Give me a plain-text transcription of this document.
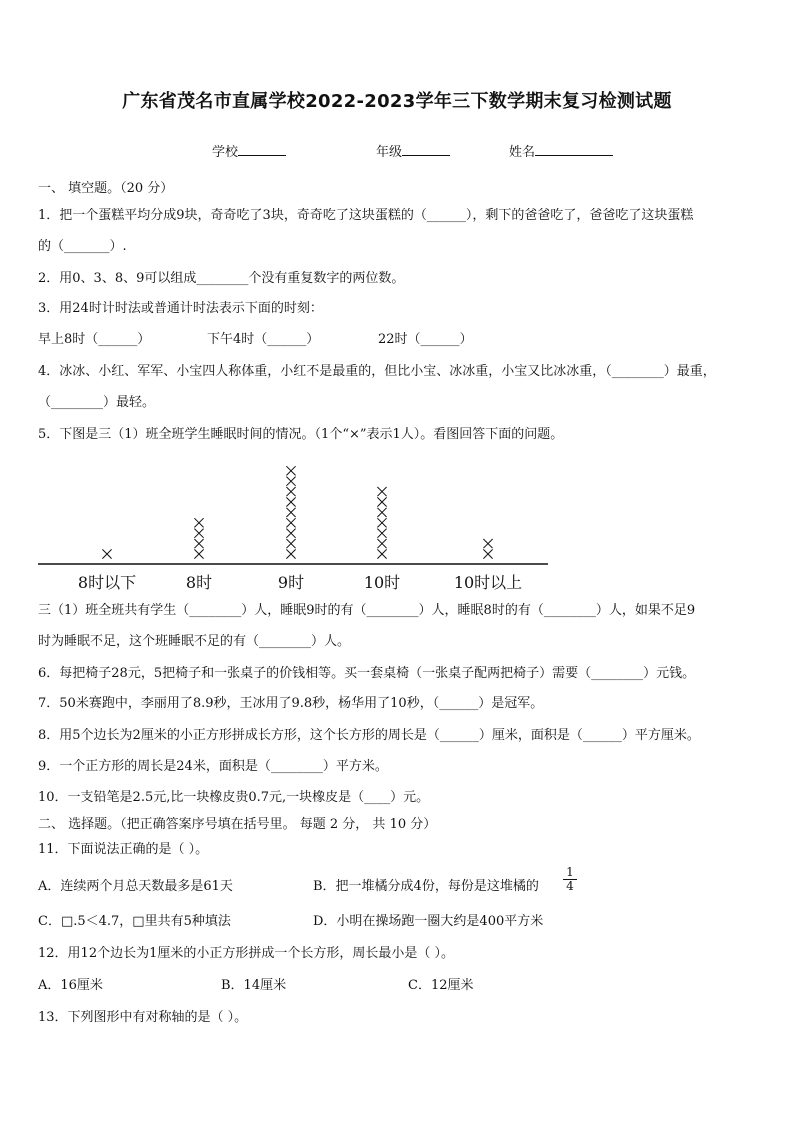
广东省茂名市直属学校2022-2023学年三下数学期末复习检测试题
学校	年级	姓名
一、 填空题。（20 分）
1．把一个蛋糕平均分成9块，奇奇吃了3块，奇奇吃了这块蛋糕的（______），剩下的爸爸吃了，爸爸吃了这块蛋糕
的（_______）.
2．用0、3、8、9可以组成________个没有重复数字的两位数。
3．用24时计时法或普通计时法表示下面的时刻：
早上8时（______）	下午4时（______）	22时（______）
4．冰冰、小红、军军、小宝四人称体重，小红不是最重的，但比小宝、冰冰重，小宝又比冰冰重，（________）最重，
（________）最轻。
5．下图是三（1）班全班学生睡眠时间的情况。（1个“×”表示1人）。看图回答下面的问题。
8时以下	8时	9时	10时	10时以上
三（1）班全班共有学生（________）人，睡眠9时的有（________）人，睡眠8时的有（________）人，如果不足9
时为睡眠不足，这个班睡眠不足的有（________）人。
6．每把椅子28元，5把椅子和一张桌子的价钱相等。买一套桌椅（一张桌子配两把椅子）需要（________）元钱。
7．50米赛跑中，李丽用了8.9秒，王冰用了9.8秒，杨华用了10秒，（______）是冠军。
8．用5个边长为2厘米的小正方形拼成长方形，这个长方形的周长是（______）厘米，面积是（______）平方厘米。
9．一个正方形的周长是24米，面积是（________）平方米。
10．一支铅笔是2.5元,比一块橡皮贵0.7元,一块橡皮是（____）元。
二、 选择题。（把正确答案序号填在括号里。 每题 2 分， 共 10 分）
11．下面说法正确的是（ ）。
A．连续两个月总天数最多是61天	B．把一堆橘分成4份，每份是这堆橘的 $\frac{1}{4}$
C．□.5＜4.7，□里共有5种填法	D．小明在操场跑一圈大约是400平方米
12．用12个边长为1厘米的小正方形拼成一个长方形，周长最小是（ ）。
A．16厘米	B．14厘米	C．12厘米
13．下列图形中有对称轴的是（ ）。
